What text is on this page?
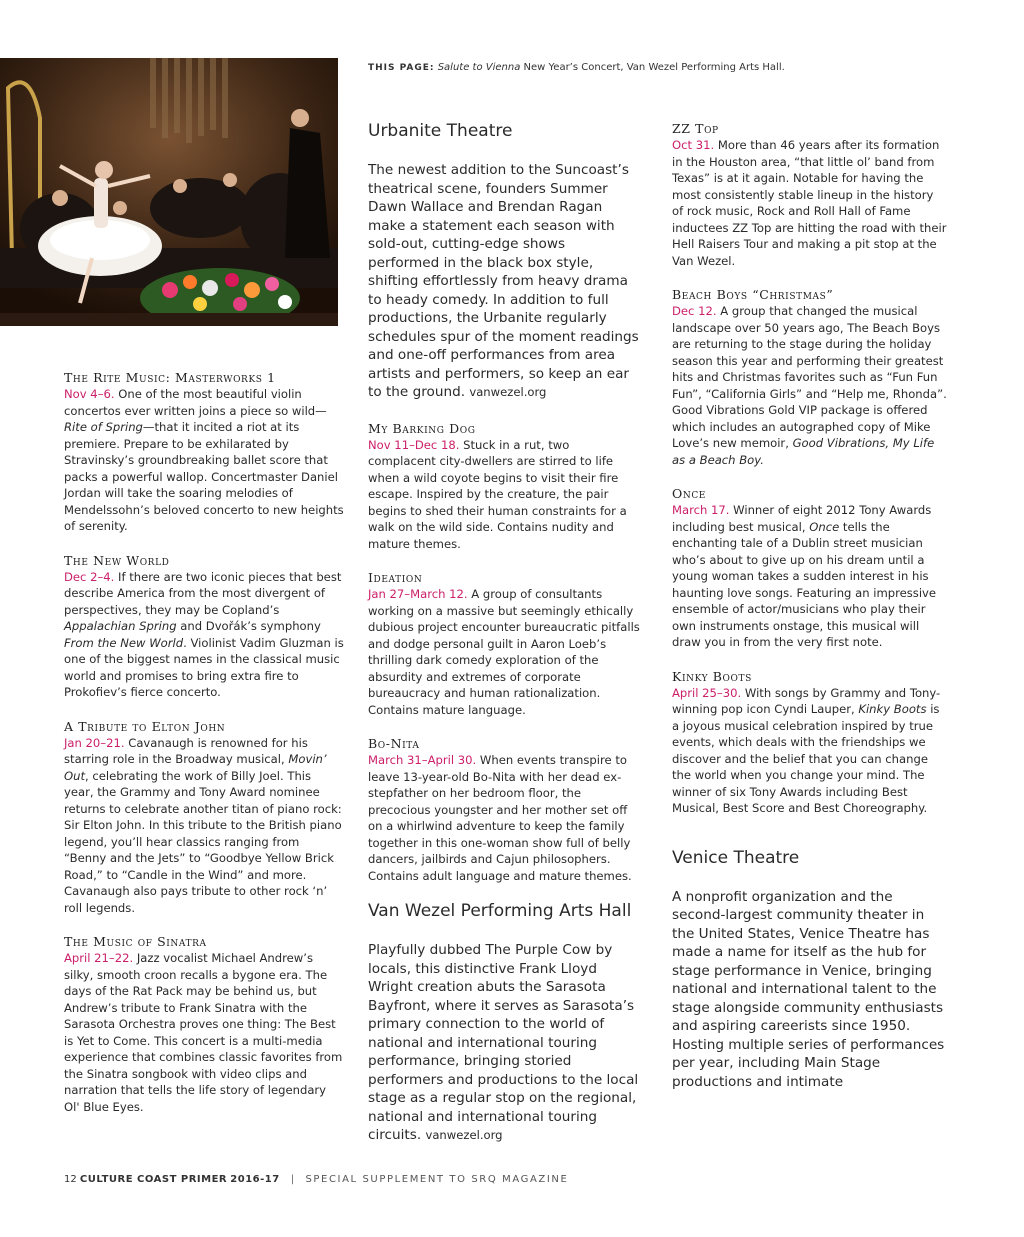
THIS PAGE: Salute to Vienna New Year’s Concert, Van Wezel Performing Arts Hall.
The Rite Music: Masterworks 1

Nov 4–6. One of the most beautiful violin concertos ever written joins a piece so wild—Rite of Spring—that it incited a riot at its premiere. Prepare to be exhilarated by Stravinsky’s groundbreaking ballet score that packs a powerful wallop. Concertmaster Daniel Jordan will take the soaring melodies of Mendelssohn’s beloved concerto to new heights of serenity.

The New World

Dec 2–4. If there are two iconic pieces that best describe America from the most divergent of perspectives, they may be Copland’s Appalachian Spring and Dvořák’s symphony From the New World. Violinist Vadim Gluzman is one of the biggest names in the classical music world and promises to bring extra fire to Prokofiev’s fierce concerto.

A Tribute to Elton John

Jan 20–21. Cavanaugh is renowned for his starring role in the Broadway musical, Movin’ Out, celebrating the work of Billy Joel. This year, the Grammy and Tony Award nominee returns to celebrate another titan of piano rock: Sir Elton John. In this tribute to the British piano legend, you’ll hear classics ranging from “Benny and the Jets” to “Goodbye Yellow Brick Road,” to “Candle in the Wind” and more. Cavanaugh also pays tribute to other rock ‘n’ roll legends.

The Music of Sinatra

April 21–22. Jazz vocalist Michael Andrew’s silky, smooth croon recalls a bygone era. The days of the Rat Pack may be behind us, but Andrew’s tribute to Frank Sinatra with the Sarasota Orchestra proves one thing: The Best is Yet to Come. This concert is a multi-media experience that combines classic favorites from the Sinatra songbook with video clips and narration that tells the life story of legendary Ol' Blue Eyes.

Urbanite Theatre

The newest addition to the Suncoast’s theatrical scene, founders Summer Dawn Wallace and Brendan Ragan make a statement each season with sold-out, cutting-edge shows performed in the black box style, shifting effortlessly from heavy drama to heady comedy. In addition to full productions, the Urbanite regularly schedules spur of the moment readings and one-off performances from area artists and performers, so keep an ear to the ground. vanwezel.org

My Barking Dog

Nov 11–Dec 18. Stuck in a rut, two complacent city-dwellers are stirred to life when a wild coyote begins to visit their fire escape. Inspired by the creature, the pair begins to shed their human constraints for a walk on the wild side. Contains nudity and mature themes.

Ideation

Jan 27–March 12. A group of consultants working on a massive but seemingly ethically dubious project encounter bureaucratic pitfalls and dodge personal guilt in Aaron Loeb’s thrilling dark comedy exploration of the absurdity and extremes of corporate bureaucracy and human rationalization. Contains mature language.

Bo-Nita

March 31–April 30. When events transpire to leave 13-year-old Bo-Nita with her dead ex-stepfather on her bedroom floor, the precocious youngster and her mother set off on a whirlwind adventure to keep the family together in this one-woman show full of belly dancers, jailbirds and Cajun philosophers. Contains adult language and mature themes.

Van Wezel Performing Arts Hall

Playfully dubbed The Purple Cow by locals, this distinctive Frank Lloyd Wright creation abuts the Sarasota Bayfront, where it serves as Sarasota’s primary connection to the world of national and international touring performance, bringing storied performers and productions to the local stage as a regular stop on the regional, national and international touring circuits. vanwezel.org

ZZ Top

Oct 31. More than 46 years after its formation in the Houston area, “that little ol’ band from Texas” is at it again. Notable for having the most consistently stable lineup in the history of rock music, Rock and Roll Hall of Fame inductees ZZ Top are hitting the road with their Hell Raisers Tour and making a pit stop at the Van Wezel.

Beach Boys “Christmas”

Dec 12. A group that changed the musical landscape over 50 years ago, The Beach Boys are returning to the stage during the holiday season this year and performing their greatest hits and Christmas favorites such as “Fun Fun Fun”, “California Girls” and “Help me, Rhonda”. Good Vibrations Gold VIP package is offered which includes an autographed copy of Mike Love’s new memoir, Good Vibrations, My Life as a Beach Boy.

Once

March 17. Winner of eight 2012 Tony Awards including best musical, Once tells the enchanting tale of a Dublin street musician who’s about to give up on his dream until a young woman takes a sudden interest in his haunting love songs. Featuring an impressive ensemble of actor/musicians who play their own instruments onstage, this musical will draw you in from the very first note.

Kinky Boots

April 25–30. With songs by Grammy and Tony-winning pop icon Cyndi Lauper, Kinky Boots is a joyous musical celebration inspired by true events, which deals with the friendships we discover and the belief that you can change the world when you change your mind. The winner of six Tony Awards including Best Musical, Best Score and Best Choreography.

Venice Theatre

A nonprofit organization and the second-largest community theater in the United States, Venice Theatre has made a name for itself as the hub for stage performance in Venice, bringing national and international talent to the stage alongside community enthusiasts and aspiring careerists since 1950. Hosting multiple series of performances per year, including Main Stage productions and intimate

12 CULTURE COAST PRIMER 2016-17 | SPECIAL SUPPLEMENT TO SRQ MAGAZINE
